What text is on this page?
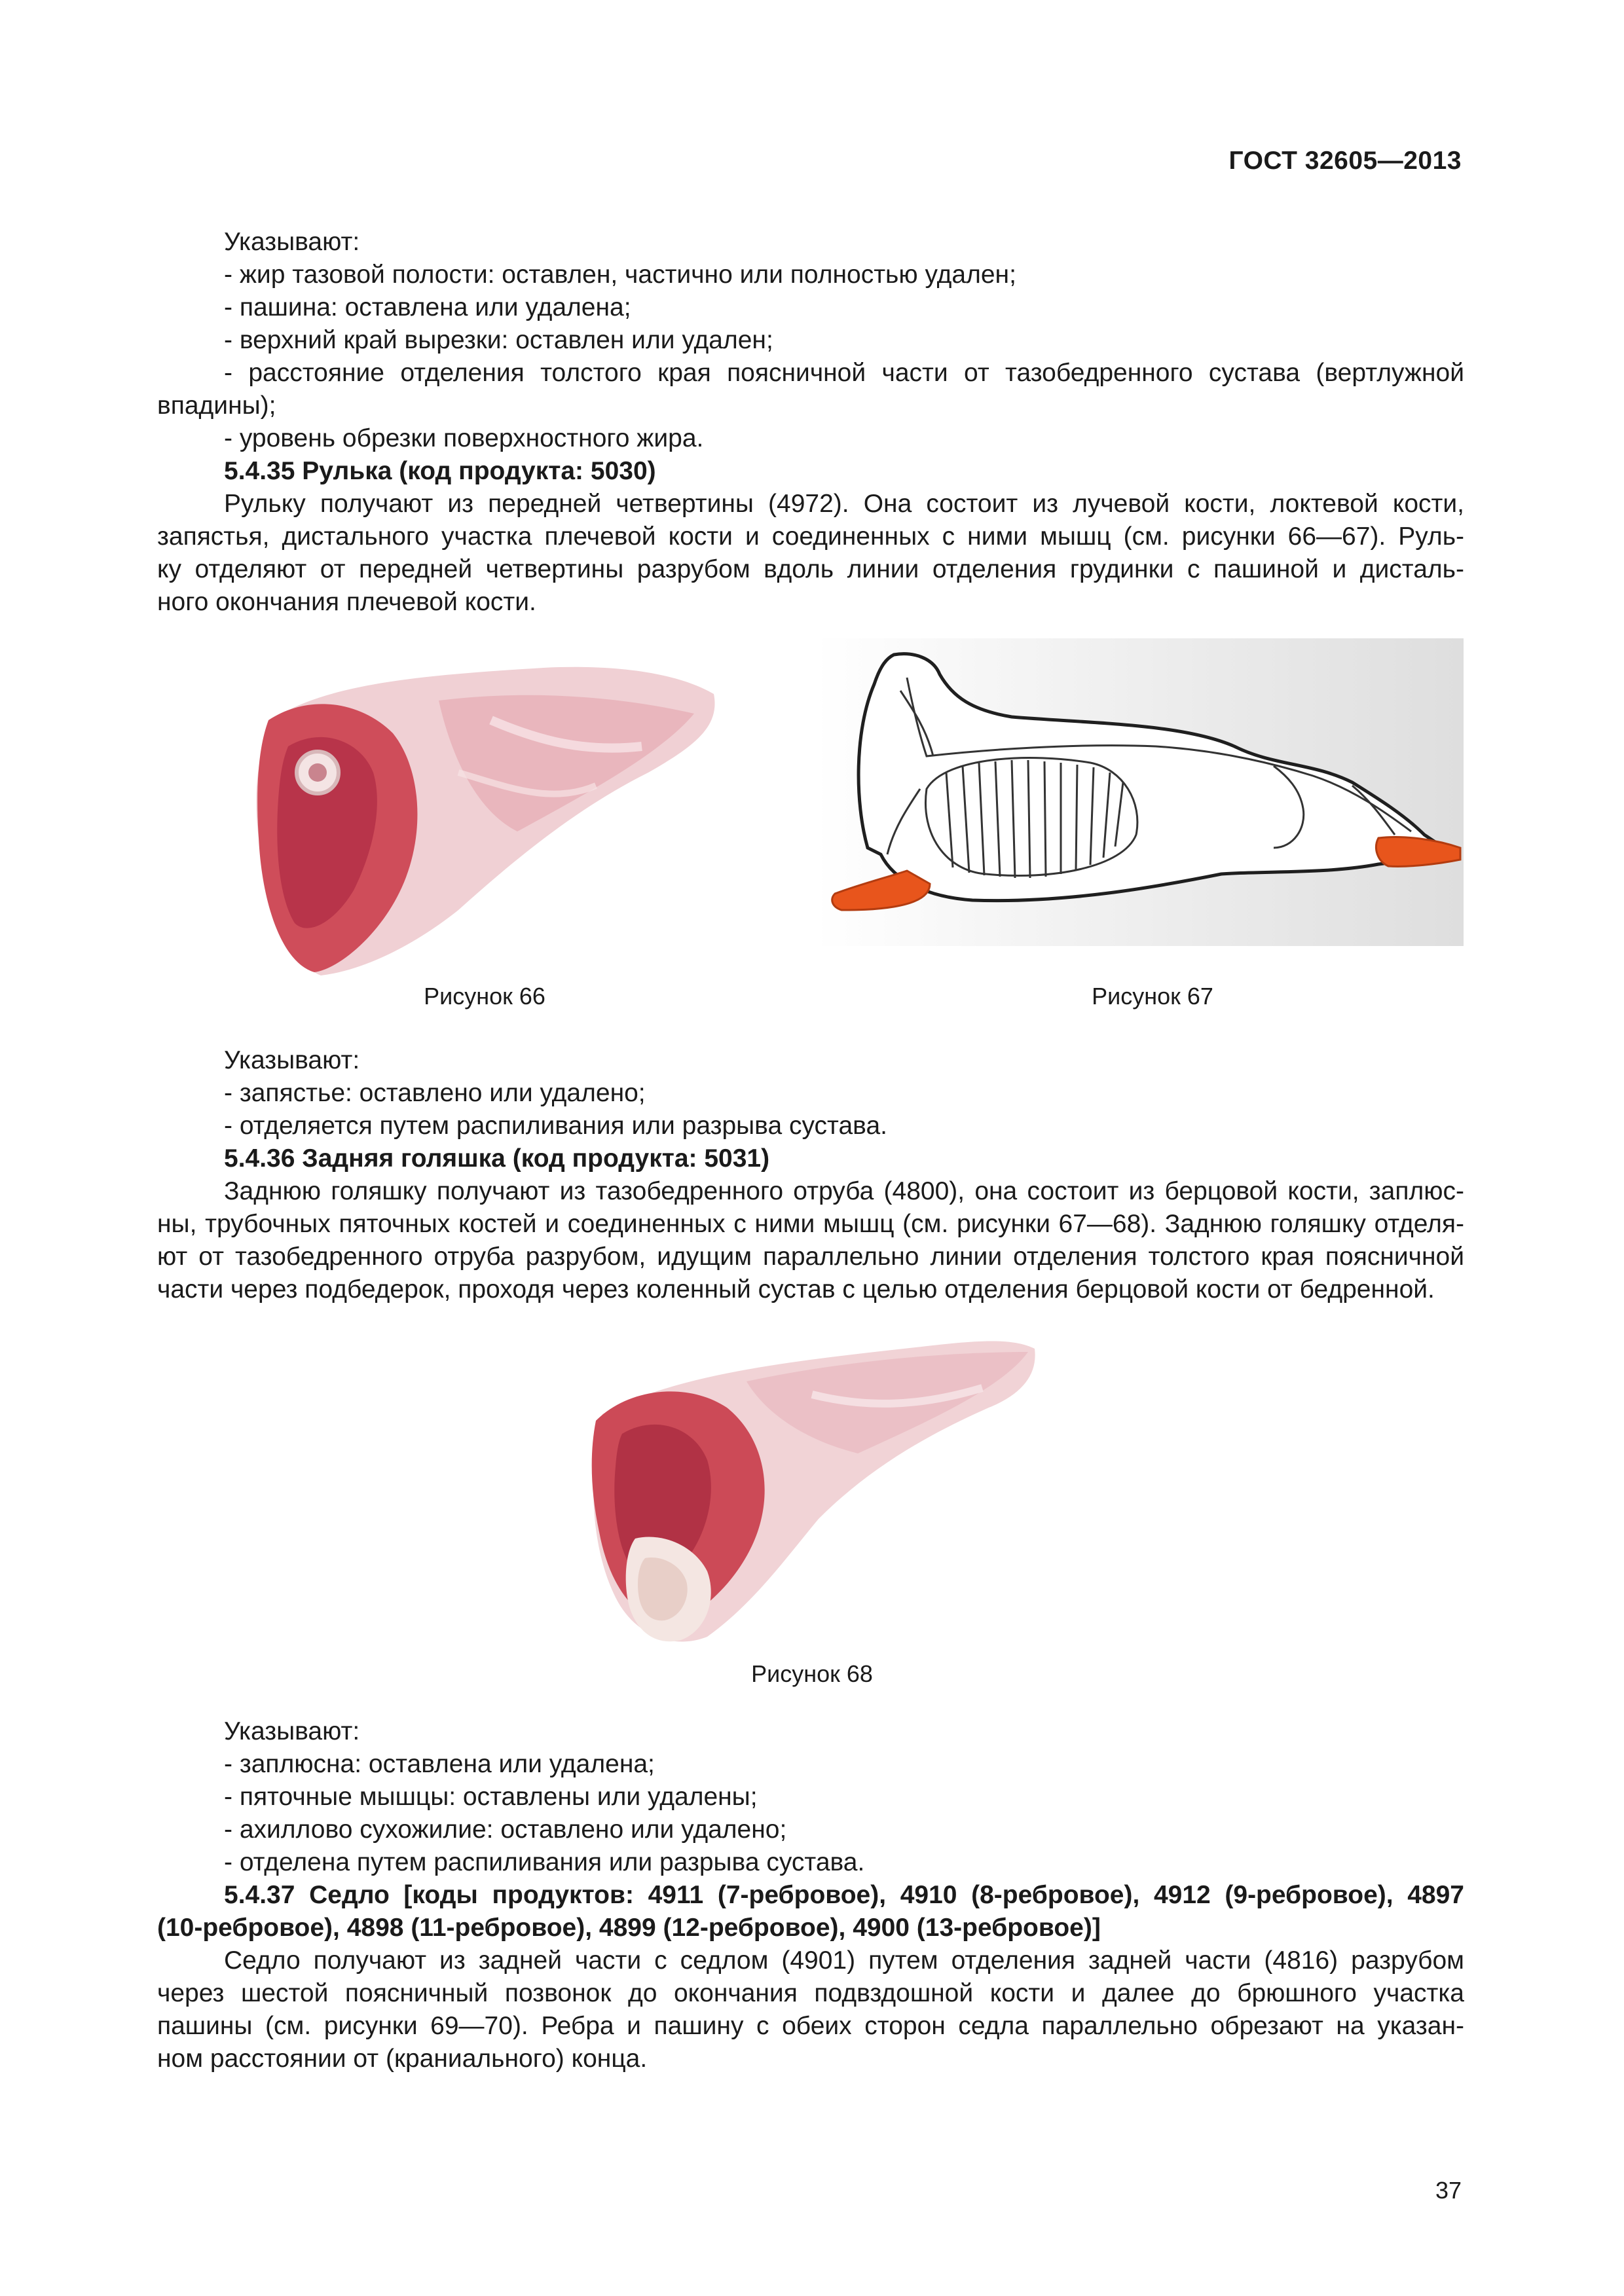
ГОСТ 32605—2013
Указывают:
- жир тазовой полости: оставлен, частично или полностью удален;
- пашина: оставлена или удалена;
- верхний край вырезки: оставлен или удален;
- расстояние отделения толстого края поясничной части от тазобедренного сустава (вертлужной
впадины);
- уровень обрезки поверхностного жира.
5.4.35 Рулька (код продукта: 5030)
Рульку получают из передней четвертины (4972). Она состоит из лучевой кости, локтевой кости,
запястья, дистального участка плечевой кости и соединенных с ними мышц (см. рисунки 66—67). Руль-
ку отделяют от передней четвертины разрубом вдоль линии отделения грудинки с пашиной и дисталь-
ного окончания плечевой кости.
Рисунок 66	Рисунок 67
Указывают:
- запястье: оставлено или удалено;
- отделяется путем распиливания или разрыва сустава.
5.4.36 Задняя голяшка (код продукта: 5031)
Заднюю голяшку получают из тазобедренного отруба (4800), она состоит из берцовой кости, заплюс-
ны, трубочных пяточных костей и соединенных с ними мышц (см. рисунки 67—68). Заднюю голяшку отделя-
ют от тазобедренного отруба разрубом, идущим параллельно линии отделения толстого края поясничной
части через подбедерок, проходя через коленный сустав с целью отделения берцовой кости от бедренной.
Рисунок 68
Указывают:
- заплюсна: оставлена или удалена;
- пяточные мышцы: оставлены или удалены;
- ахиллово сухожилие: оставлено или удалено;
- отделена путем распиливания или разрыва сустава.
5.4.37 Седло [коды продуктов: 4911 (7-ребровое), 4910 (8-ребровое), 4912 (9-ребровое), 4897
(10-ребровое), 4898 (11-ребровое), 4899 (12-ребровое), 4900 (13-ребровое)]
Седло получают из задней части с седлом (4901) путем отделения задней части (4816) разрубом
через шестой поясничный позвонок до окончания подвздошной кости и далее до брюшного участка
пашины (см. рисунки 69—70). Ребра и пашину с обеих сторон седла параллельно обрезают на указан-
ном расстоянии от (краниального) конца.
37
